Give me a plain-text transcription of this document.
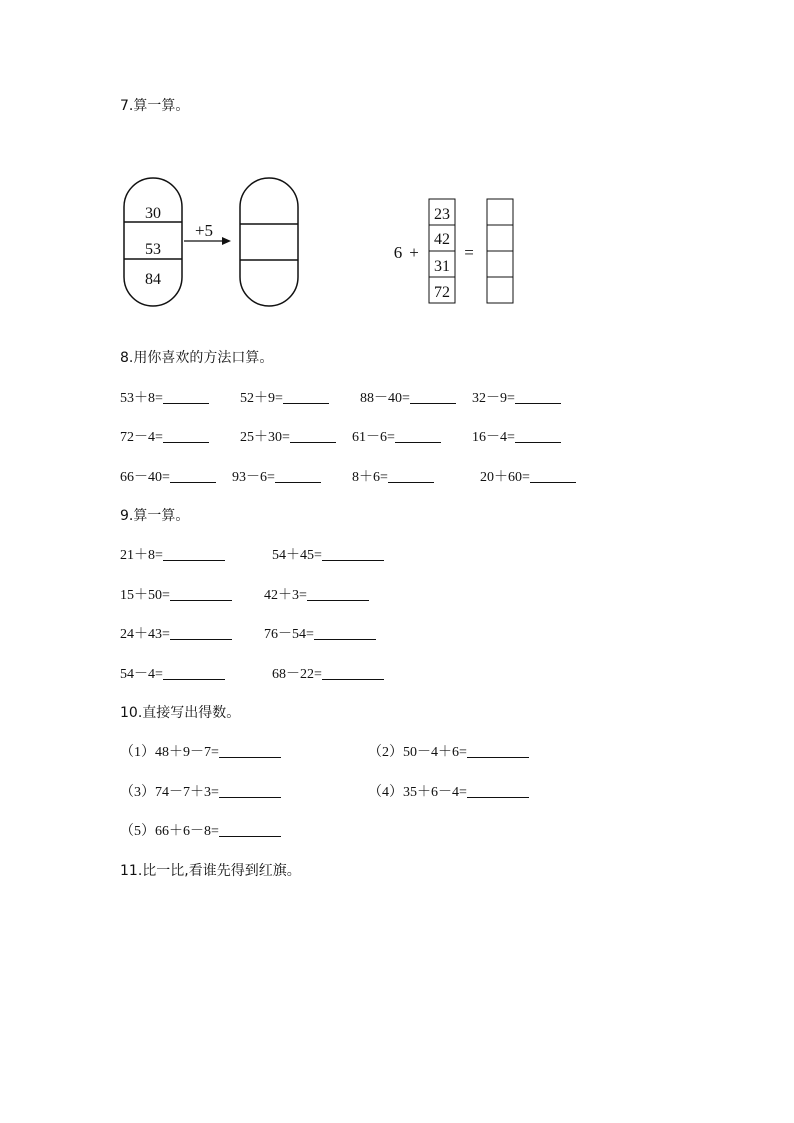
7.算一算。
30
53
84
+5
6 +
23
42
31
72
=
8.用你喜欢的方法口算。
53＋8=	52＋9=	88－40=	32－9=
72－4=	25＋30=	61－6=	16－4=
66－40=	93－6=	8＋6=	20＋60=
9.算一算。
21＋8=	54＋45=
15＋50=	42＋3=
24＋43=	76－54=
54－4=	68－22=
10.直接写出得数。
（1）48＋9－7=	（2）50－4＋6=
（3）74－7＋3=	（4）35＋6－4=
（5）66＋6－8=
11.比一比,看谁先得到红旗。
